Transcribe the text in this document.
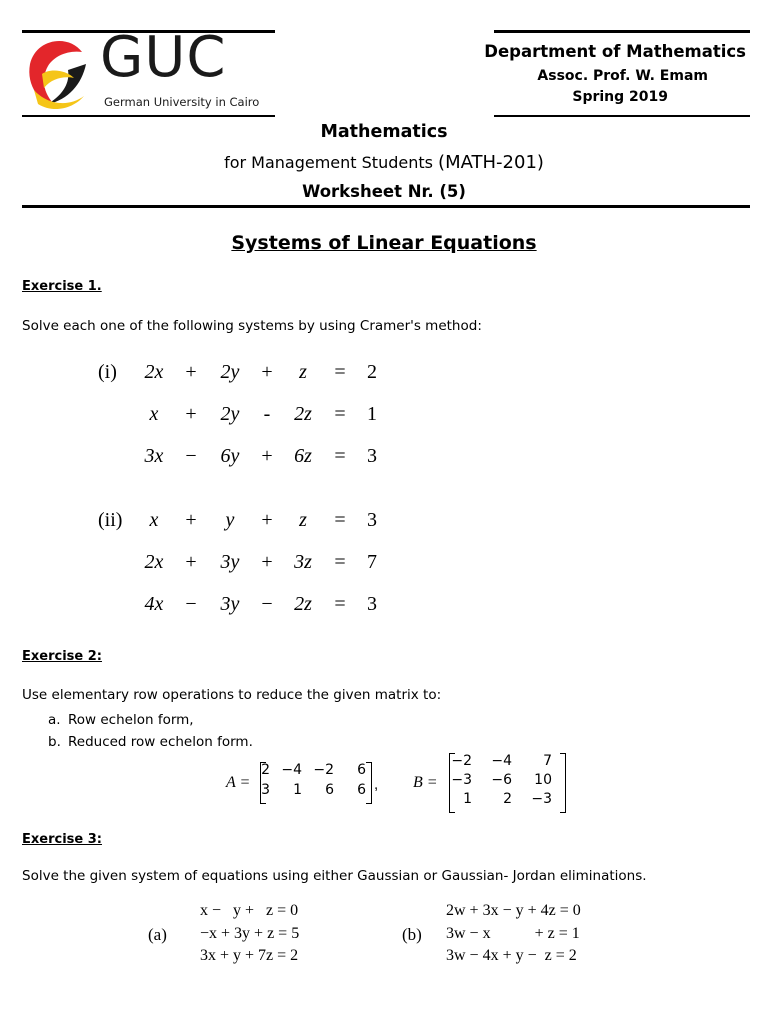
GUC
German University in Cairo
Department of Mathematics
Assoc. Prof. W. Emam
Spring 2019
Mathematics
for Management Students (MATH-201)
Worksheet Nr. (5)
Systems of Linear Equations
Exercise 1.
Solve each one of the following systems by using Cramer's method:
(i)	2x	+	2y	+	z	=	2
x	+	2y	-	2z	=	1
3x	−	6y	+	6z	=	3
(ii)	x	+	y	+	z	=	3
2x	+	3y	+	3z	=	7
4x	−	3y	−	2z	=	3
Exercise 2:
Use elementary row operations to reduce the given matrix to:
a. Row echelon form,
b. Reduced row echelon form.
A =
2 −4 −2	6
3	1	6	6 , B =
−2	−4	7
−3	−6	10
1	2	−3
Exercise 3:
Solve the given system of equations using either Gaussian or Gaussian- Jordan eliminations.
(a)
x −   y +   z = 0
−x + 3y + z = 5
3x + y + 7z = 2
(b)
2w + 3x − y + 4z = 0
3w − x           + z = 1
3w − 4x + y −  z = 2
